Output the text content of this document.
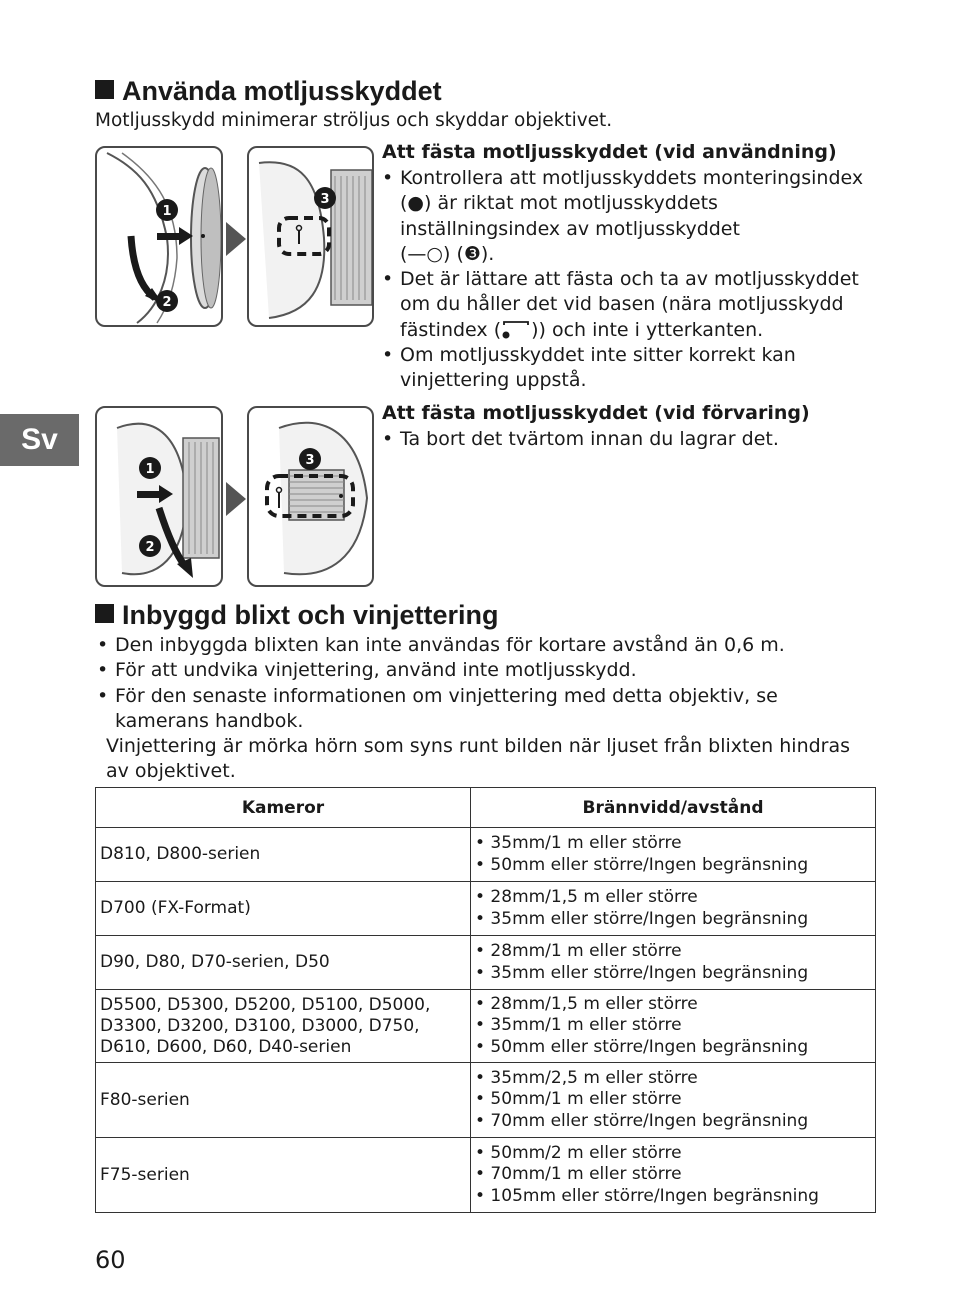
Sv
Använda motljusskyddet
Motljusskydd minimerar ströljus och skyddar objektivet.
1
2
3
Att fästa motljusskyddet (vid användning)
• Kontrollera att motljusskyddets monteringsindex
(●) är riktat mot motljusskyddets
inställningsindex av motljusskyddet
(—○) (❸).
• Det är lättare att fästa och ta av motljusskyddet
om du håller det vid basen (nära motljusskydd
fästindex ( )) och inte i ytterkanten.
• Om motljusskyddet inte sitter korrekt kan
vinjettering uppstå.
1
2
3
Att fästa motljusskyddet (vid förvaring)
• Ta bort det tvärtom innan du lagrar det.
Inbyggd blixt och vinjettering
• Den inbyggda blixten kan inte användas för kortare avstånd än 0,6 m.
• För att undvika vinjettering, använd inte motljusskydd.
• För den senaste informationen om vinjettering med detta objektiv, se
kamerans handbok.
Vinjettering är mörka hörn som syns runt bilden när ljuset från blixten hindras
av objektivet.
Kameror	Brännvidd/avstånd

D810, D800-serien	• 35mm/1 m eller större
• 50mm eller större/Ingen begränsning

D700 (FX-Format)	• 28mm/1,5 m eller större
• 35mm eller större/Ingen begränsning

D90, D80, D70-serien, D50	• 28mm/1 m eller större
• 35mm eller större/Ingen begränsning

D5500, D5300, D5200, D5100, D5000,
D3300, D3200, D3100, D3000, D750,
D610, D600, D60, D40-serien	• 28mm/1,5 m eller större
• 35mm/1 m eller större
• 50mm eller större/Ingen begränsning

F80-serien	• 35mm/2,5 m eller större
• 50mm/1 m eller större
• 70mm eller större/Ingen begränsning

F75-serien	• 50mm/2 m eller större
• 70mm/1 m eller större
• 105mm eller större/Ingen begränsning
60
